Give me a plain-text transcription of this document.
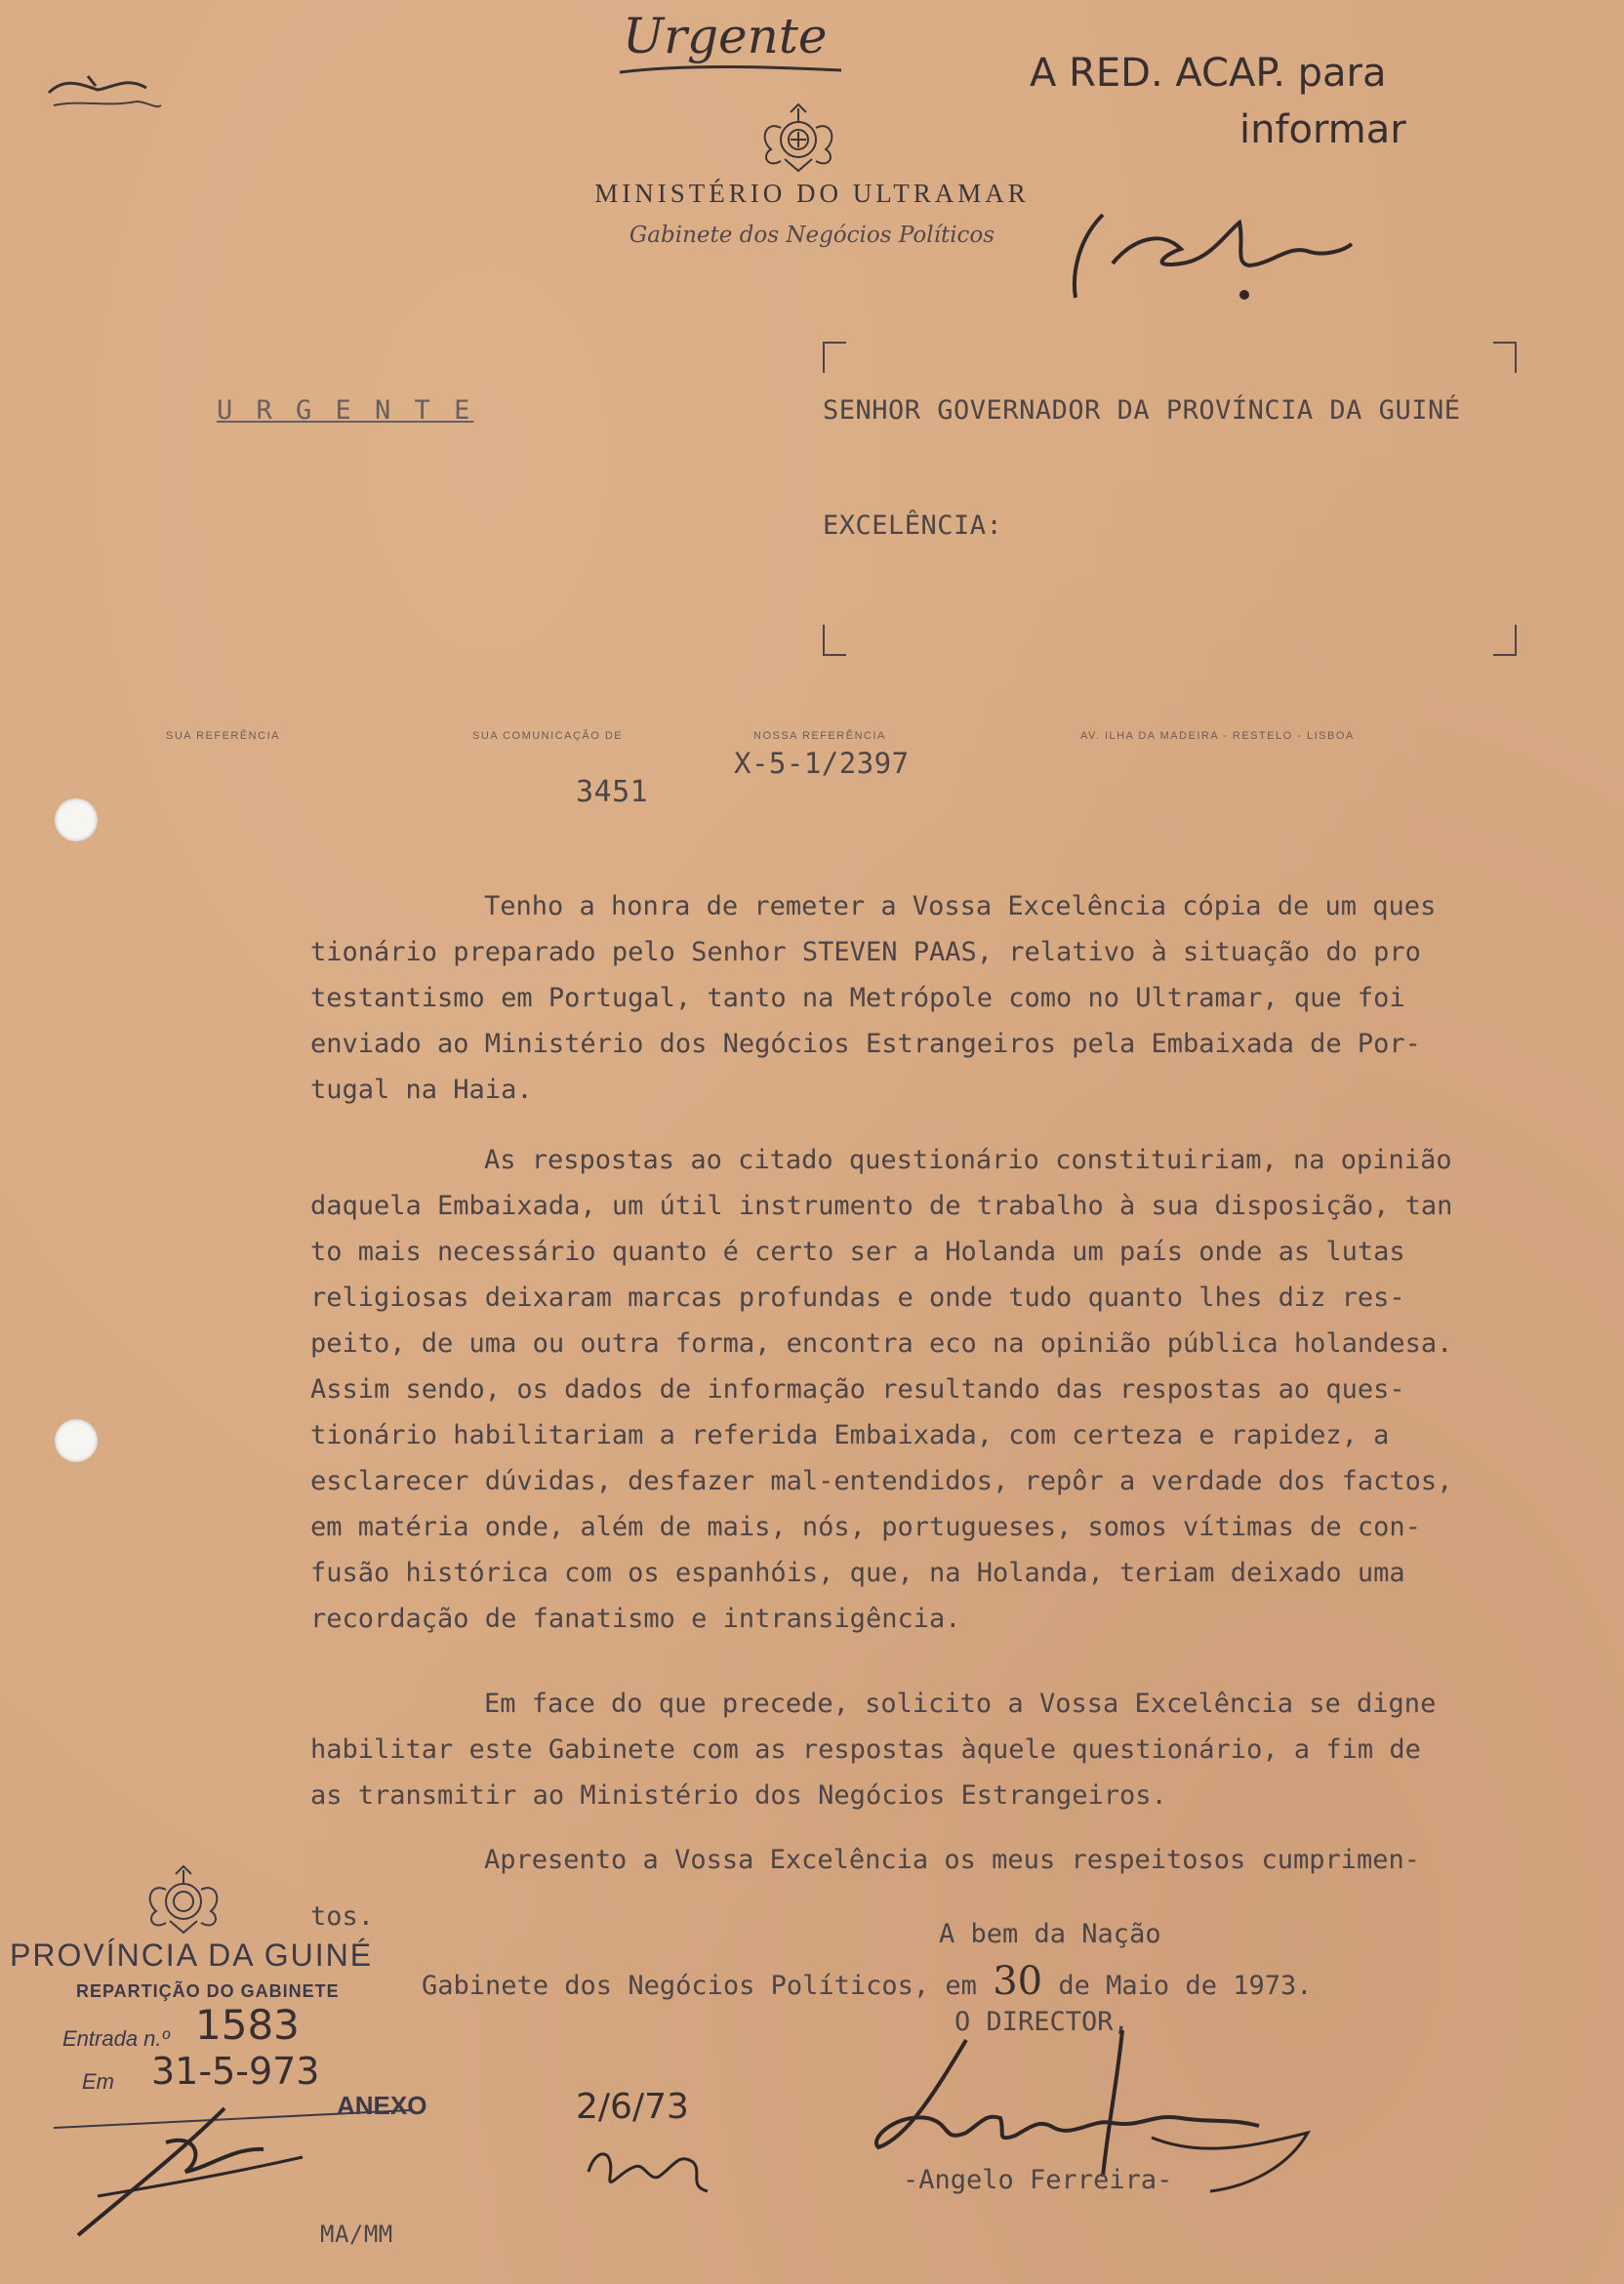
Urgente
A RED. ACAP. para
informar
MINISTÉRIO DO ULTRAMAR
Gabinete dos Negócios Políticos
U R G E N T E	SENHOR GOVERNADOR DA PROVÍNCIA DA GUINÉ
EXCELÊNCIA:
SUA REFERÊNCIA	SUA COMUNICAÇÃO DE	NOSSA REFERÊNCIA	AV. ILHA DA MADEIRA - RESTELO - LISBOA
3451
X-5-1/2397
Tenho a honra de remeter a Vossa Excelência cópia de um ques
tionário preparado pelo Senhor STEVEN PAAS, relativo à situação do pro
testantismo em Portugal, tanto na Metrópole como no Ultramar, que foi
enviado ao Ministério dos Negócios Estrangeiros pela Embaixada de Por-
tugal na Haia.
As respostas ao citado questionário constituiriam, na opinião
daquela Embaixada, um útil instrumento de trabalho à sua disposição, tan
to mais necessário quanto é certo ser a Holanda um país onde as lutas
religiosas deixaram marcas profundas e onde tudo quanto lhes diz res-
peito, de uma ou outra forma, encontra eco na opinião pública holandesa.
Assim sendo, os dados de informação resultando das respostas ao ques-
tionário habilitariam a referida Embaixada, com certeza e rapidez, a
esclarecer dúvidas, desfazer mal-entendidos, repôr a verdade dos factos,
em matéria onde, além de mais, nós, portugueses, somos vítimas de con-
fusão histórica com os espanhóis, que, na Holanda, teriam deixado uma
recordação de fanatismo e intransigência.
Em face do que precede, solicito a Vossa Excelência se digne
habilitar este Gabinete com as respostas àquele questionário, a fim de
as transmitir ao Ministério dos Negócios Estrangeiros.
Apresento a Vossa Excelência os meus respeitosos cumprimen-
tos.
A bem da Nação
Gabinete dos Negócios Políticos, em 30 de Maio de 1973.
O DIRECTOR,
-Angelo Ferreira-
2/6/73
PROVÍNCIA DA GUINÉ
REPARTIÇÃO DO GABINETE
Entrada n.º 1583
Em 31-5-973
ANEXO
MA/MM
